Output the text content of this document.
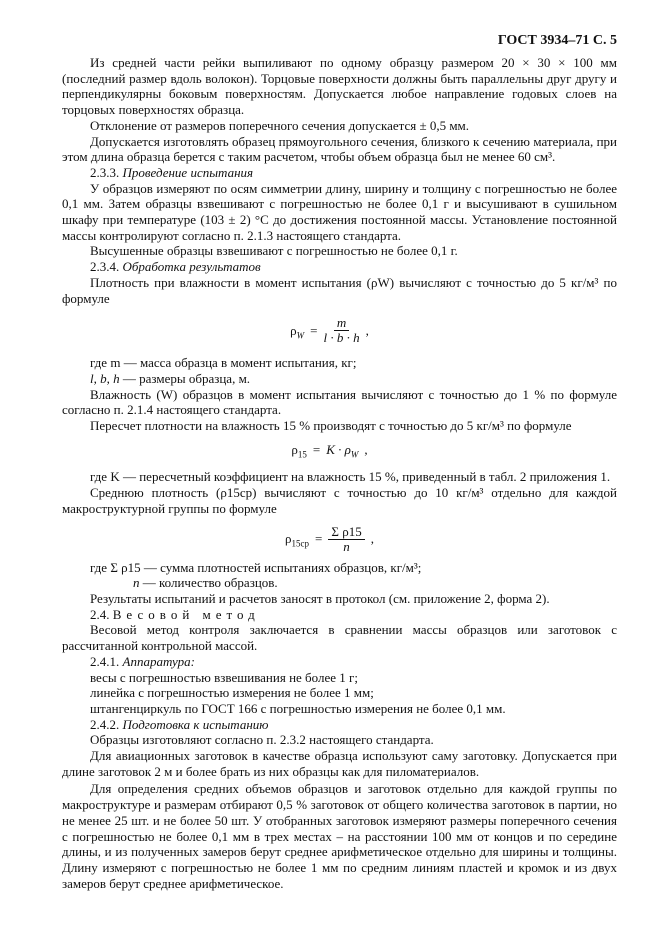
ГОСТ 3934–71 С. 5
Из средней части рейки выпиливают по одному образцу размером 20 × 30 × 100 мм (последний размер вдоль волокон). Торцовые поверхности должны быть параллельны друг другу и перпендикулярны боковым поверхностям. Допускается любое направление годовых слоев на торцовых поверхностях образца.
Отклонение от размеров поперечного сечения допускается ± 0,5 мм.
Допускается изготовлять образец прямоугольного сечения, близкого к сечению материала, при этом длина образца берется с таким расчетом, чтобы объем образца был не менее 60 см³.
2.3.3. Проведение испытания
У образцов измеряют по осям симметрии длину, ширину и толщину с погрешностью не более 0,1 мм. Затем образцы взвешивают с погрешностью не более 0,1 г и высушивают в сушильном шкафу при температуре (103 ± 2) °С до достижения постоянной массы. Установление постоянной массы контролируют согласно п. 2.1.3 настоящего стандарта.
Высушенные образцы взвешивают с погрешностью не более 0,1 г.
2.3.4. Обработка результатов
Плотность при влажности в момент испытания (ρW) вычисляют с точностью до 5 кг/м³ по формуле
$\rho_W = \frac{m}{l \cdot b \cdot h}$ ,
где m — масса образца в момент испытания, кг;
l, b, h — размеры образца, м.
Влажность (W) образцов в момент испытания вычисляют с точностью до 1 % по формуле согласно п. 2.1.4 настоящего стандарта.
Пересчет плотности на влажность 15 % производят с точностью до 5 кг/м³ по формуле
$\rho_{15} = K \cdot \rho_W$ ,
где K — пересчетный коэффициент на влажность 15 %, приведенный в табл. 2 приложения 1.
Среднюю плотность (ρ15ср) вычисляют с точностью до 10 кг/м³ отдельно для каждой макроструктурной группы по формуле
$\rho_{15ср} = \frac{\text{Σ ρ15}}{n}$ ,
где Σ ρ15 — сумма плотностей испытаниях образцов, кг/м³;
n — количество образцов.
Результаты испытаний и расчетов заносят в протокол (см. приложение 2, форма 2).
2.4. Весовой метод
Весовой метод контроля заключается в сравнении массы образцов или заготовок с рассчитанной контрольной массой.
2.4.1. Аппаратура:
весы с погрешностью взвешивания не более 1 г;
линейка с погрешностью измерения не более 1 мм;
штангенциркуль по ГОСТ 166 с погрешностью измерения не более 0,1 мм.
2.4.2. Подготовка к испытанию
Образцы изготовляют согласно п. 2.3.2 настоящего стандарта.
Для авиационных заготовок в качестве образца используют саму заготовку. Допускается при длине заготовок 2 м и более брать из них образцы как для пиломатериалов.
Для определения средних объемов образцов и заготовок отдельно для каждой группы по макроструктуре и размерам отбирают 0,5 % заготовок от общего количества заготовок в партии, но не менее 25 шт. и не более 50 шт. У отобранных заготовок измеряют размеры поперечного сечения с погрешностью не более 0,1 мм в трех местах – на расстоянии 100 мм от концов и по середине длины, и из полученных замеров берут среднее арифметическое отдельно для ширины и толщины. Длину измеряют с погрешностью не более 1 мм по средним линиям пластей и кромок и из двух замеров берут среднее арифметическое.
